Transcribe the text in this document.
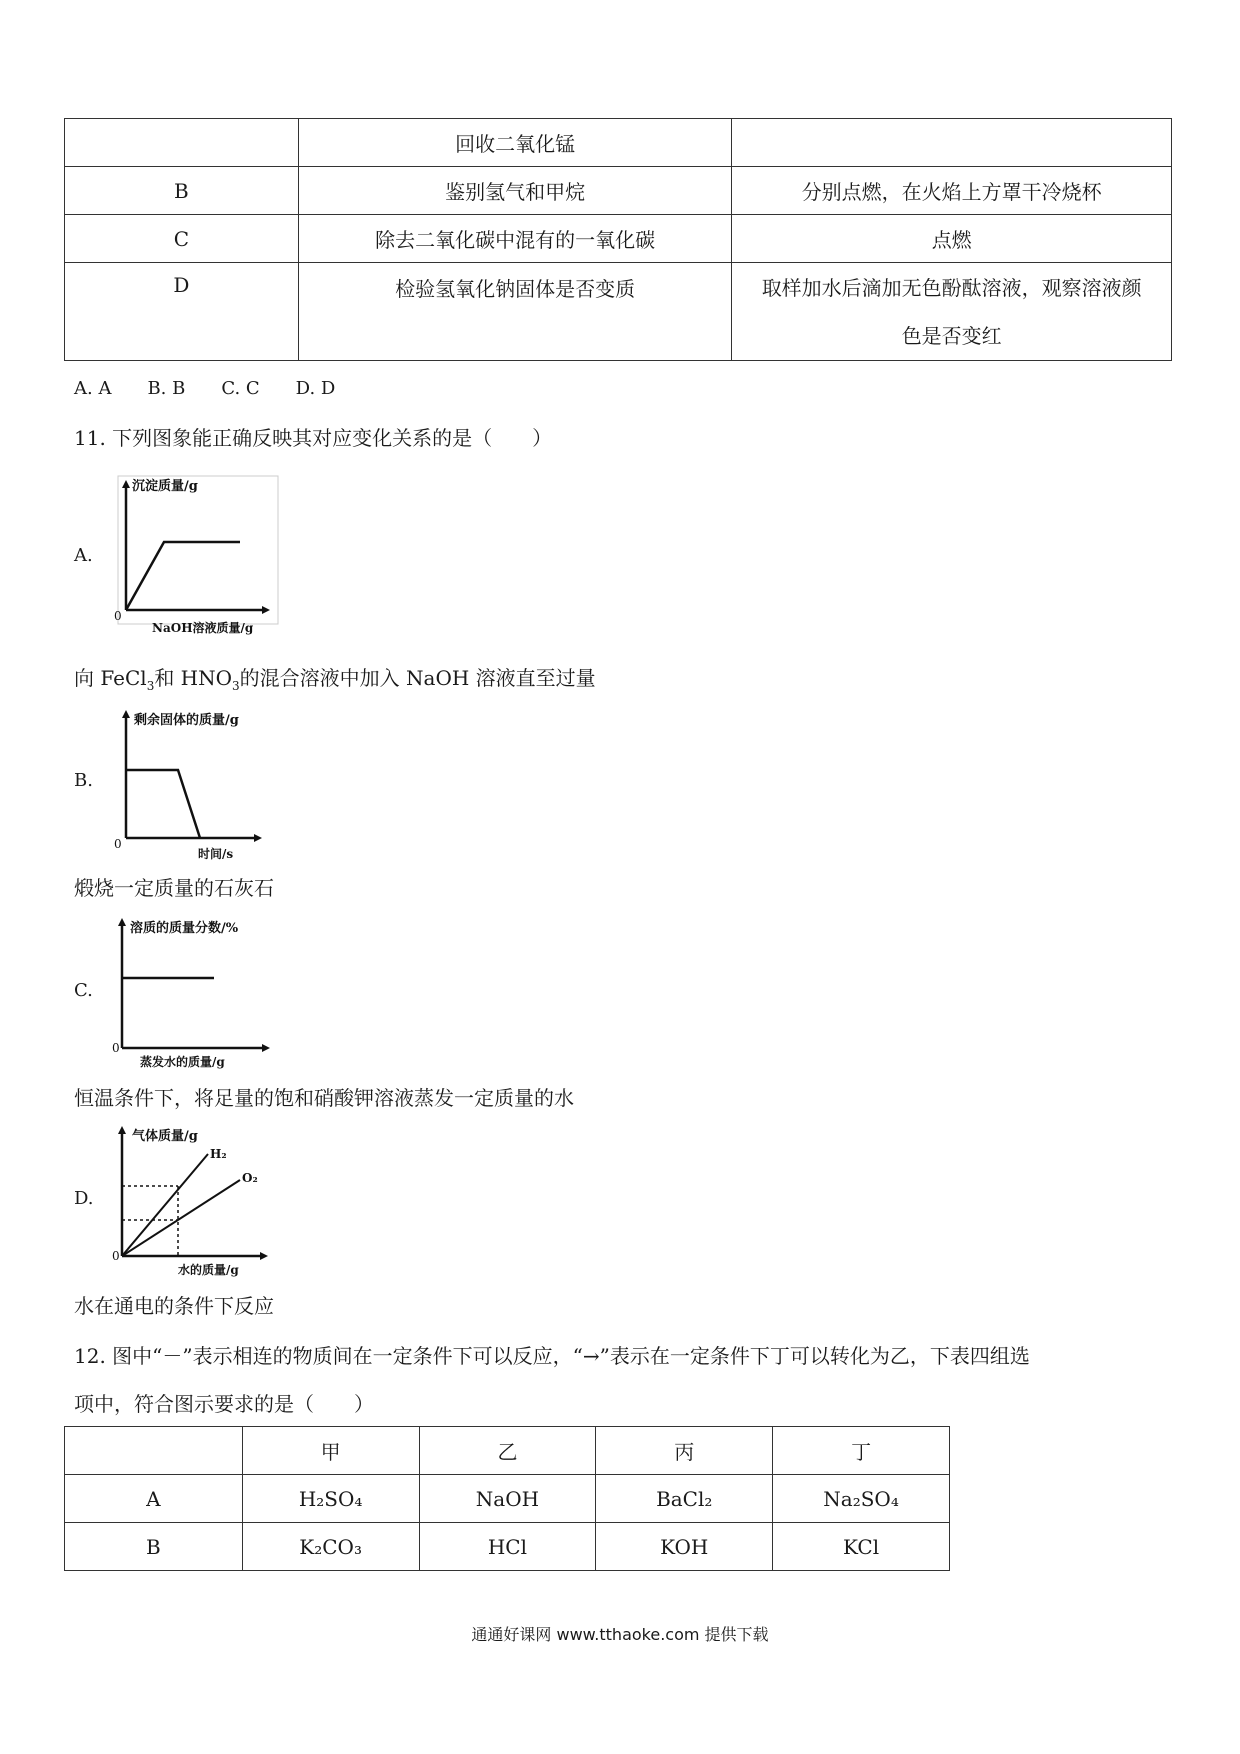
	回收二氧化锰	
B	鉴别氢气和甲烷	分别点燃，在火焰上方罩干冷烧杯
C	除去二氧化碳中混有的一氧化碳	点燃
D	检验氢氧化钠固体是否变质	取样加水后滴加无色酚酞溶液，观察溶液颜
色是否变红
A. A　　B. B　　C. C　　D. D
11. 下列图象能正确反映其对应变化关系的是（　　）
A.
沉淀质量/g
NaOH溶液质量/g
0
向 FeCl$_3$和 $HNO_3$的混合溶液中加入 NaOH 溶液直至过量
B.
剩余固体的质量/g
时间/s
0
煅烧一定质量的石灰石
C.
溶质的质量分数/%
蒸发水的质量/g
0
恒温条件下，将足量的饱和硝酸钾溶液蒸发一定质量的水
D.
气体质量/g
H₂
O₂
水的质量/g
0
水在通电的条件下反应
12. 图中“－”表示相连的物质间在一定条件下可以反应，“→”表示在一定条件下丁可以转化为乙，下表四组选
项中，符合图示要求的是（　　）
	甲	乙	丙	丁
A	H₂SO₄	NaOH	BaCl₂	Na₂SO₄
B	K₂CO₃	HCl	KOH	KCl
通通好课网 www.tthaoke.com 提供下载
